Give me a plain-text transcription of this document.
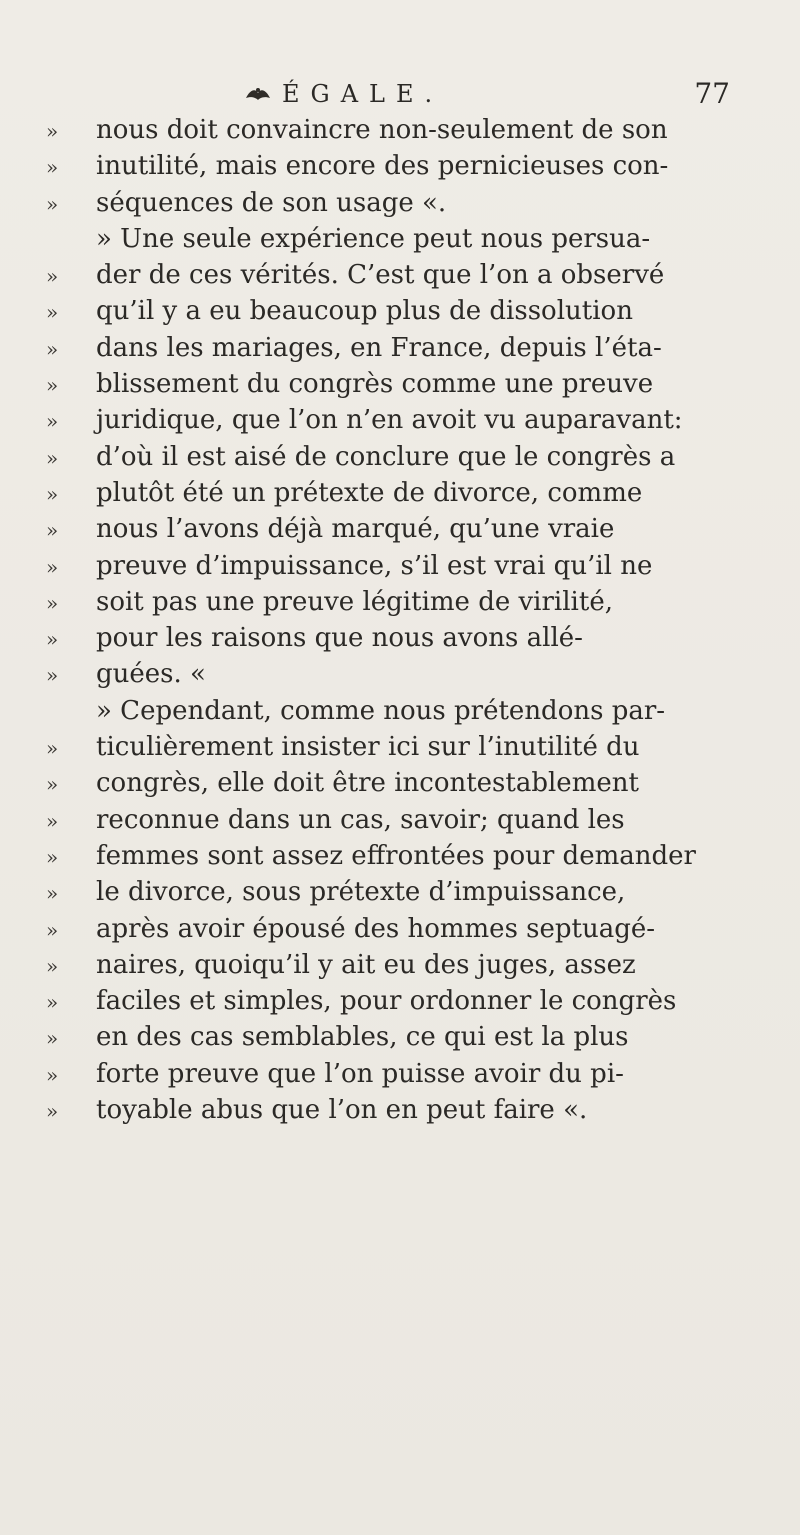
ÉGALE.	77
»	nous doit convaincre non-seulement de son
»	inutilité, mais encore des pernicieuses con-
»	séquences de son usage «.
» Une seule expérience peut nous persua-
»	der de ces vérités. C’est que l’on a observé
»	qu’il y a eu beaucoup plus de dissolution
»	dans les mariages, en France, depuis l’éta-
»	blissement du congrès comme une preuve
»	juridique, que l’on n’en avoit vu auparavant:
»	d’où il est aisé de conclure que le congrès a
»	plutôt été un prétexte de divorce, comme
»	nous l’avons déjà marqué, qu’une vraie
»	preuve d’impuissance, s’il est vrai qu’il ne
»	soit pas une preuve légitime de virilité,
»	pour les raisons que nous avons allé-
»	guées. «
» Cependant, comme nous prétendons par-
»	ticulièrement insister ici sur l’inutilité du
»	congrès, elle doit être incontestablement
»	reconnue dans un cas, savoir; quand les
»	femmes sont assez effrontées pour demander
»	le divorce, sous prétexte d’impuissance,
»	après avoir épousé des hommes septuagé-
»	naires, quoiqu’il y ait eu des juges, assez
»	faciles et simples, pour ordonner le congrès
»	en des cas semblables, ce qui est la plus
»	forte preuve que l’on puisse avoir du pi-
»	toyable abus que l’on en peut faire «.
